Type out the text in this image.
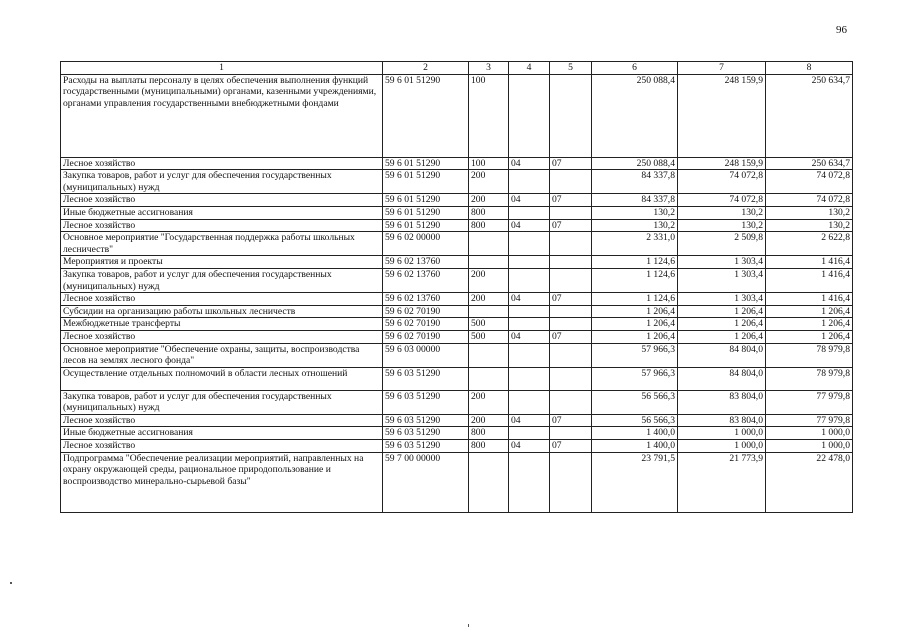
96
1	2	3	4	5	6	7	8
Расходы на выплаты персоналу в целях обеспечения выполнения функций государственными (муниципальными) органами, казенными учреждениями, органами управления государственными внебюджетными фондами	59 6 01 51290	100			250 088,4	248 159,9	250 634,7
Лесное хозяйство	59 6 01 51290	100	04	07	250 088,4	248 159,9	250 634,7
Закупка товаров, работ и услуг для обеспечения государственных (муниципальных) нужд	59 6 01 51290	200			84 337,8	74 072,8	74 072,8
Лесное хозяйство	59 6 01 51290	200	04	07	84 337,8	74 072,8	74 072,8
Иные бюджетные ассигнования	59 6 01 51290	800			130,2	130,2	130,2
Лесное хозяйство	59 6 01 51290	800	04	07	130,2	130,2	130,2
Основное мероприятие "Государственная поддержка работы школьных лесничеств"	59 6 02 00000				2 331,0	2 509,8	2 622,8
Мероприятия и проекты	59 6 02 13760				1 124,6	1 303,4	1 416,4
Закупка товаров, работ и услуг для обеспечения государственных (муниципальных) нужд	59 6 02 13760	200			1 124,6	1 303,4	1 416,4
Лесное хозяйство	59 6 02 13760	200	04	07	1 124,6	1 303,4	1 416,4
Субсидии на организацию работы школьных лесничеств	59 6 02 70190				1 206,4	1 206,4	1 206,4
Межбюджетные трансферты	59 6 02 70190	500			1 206,4	1 206,4	1 206,4
Лесное хозяйство	59 6 02 70190	500	04	07	1 206,4	1 206,4	1 206,4
Основное мероприятие "Обеспечение охраны, защиты, воспроизводства лесов на землях лесного фонда"	59 6 03 00000				57 966,3	84 804,0	78 979,8
Осуществление отдельных полномочий в области лесных отношений	59 6 03 51290				57 966,3	84 804,0	78 979,8
Закупка товаров, работ и услуг для обеспечения государственных (муниципальных) нужд	59 6 03 51290	200			56 566,3	83 804,0	77 979,8
Лесное хозяйство	59 6 03 51290	200	04	07	56 566,3	83 804,0	77 979,8
Иные бюджетные ассигнования	59 6 03 51290	800			1 400,0	1 000,0	1 000,0
Лесное хозяйство	59 6 03 51290	800	04	07	1 400,0	1 000,0	1 000,0
Подпрограмма "Обеспечение реализации мероприятий, направленных на охрану окружающей среды, рациональное природопользование и воспроизводство минерально-сырьевой базы"	59 7 00 00000				23 791,5	21 773,9	22 478,0
